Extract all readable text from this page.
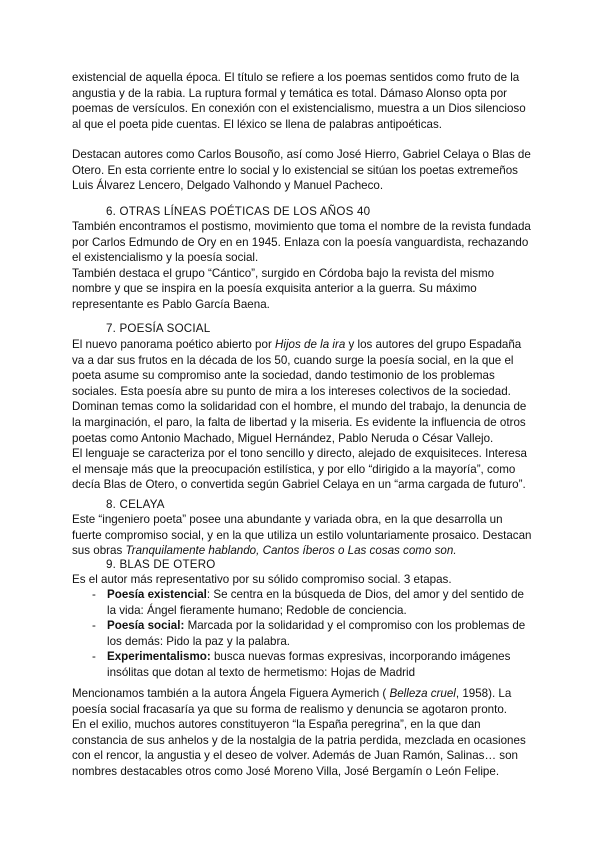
existencial de aquella época. El título se refiere a los poemas sentidos como fruto de la angustia y de la rabia. La ruptura formal y temática es total. Dámaso Alonso opta por poemas de versículos. En conexión con el existencialismo, muestra a un Dios silencioso al que el poeta pide cuentas. El léxico se llena de palabras antipoéticas.

Destacan autores como Carlos Bousoño, así como José Hierro, Gabriel Celaya o Blas de Otero. En esta corriente entre lo social y lo existencial se sitúan los poetas extremeños Luis Álvarez Lencero, Delgado Valhondo y Manuel Pacheco.

6. OTRAS LÍNEAS POÉTICAS DE LOS AÑOS 40

También encontramos el postismo, movimiento que toma el nombre de la revista fundada por Carlos Edmundo de Ory en en 1945. Enlaza con la poesía vanguardista, rechazando el existencialismo y la poesía social.

También destaca el grupo “Cántico”, surgido en Córdoba bajo la revista del mismo nombre y que se inspira en la poesía exquisita anterior a la guerra. Su máximo representante es Pablo García Baena.

7. POESÍA SOCIAL

El nuevo panorama poético abierto por Hijos de la ira y los autores del grupo Espadaña va a dar sus frutos en la década de los 50, cuando surge la poesía social, en la que el poeta asume su compromiso ante la sociedad, dando testimonio de los problemas sociales. Esta poesía abre su punto de mira a los intereses colectivos de la sociedad. Dominan temas como la solidaridad con el hombre, el mundo del trabajo, la denuncia de la marginación, el paro, la falta de libertad y la miseria. Es evidente la influencia de otros poetas como Antonio Machado, Miguel Hernández, Pablo Neruda o César Vallejo.

El lenguaje se caracteriza por el tono sencillo y directo, alejado de exquisiteces. Interesa el mensaje más que la preocupación estilística, y por ello “dirigido a la mayoría”, como decía Blas de Otero, o convertida según Gabriel Celaya en un “arma cargada de futuro”.

8. CELAYA

Este “ingeniero poeta” posee una abundante y variada obra, en la que desarrolla un fuerte compromiso social, y en la que utiliza un estilo voluntariamente prosaico. Destacan sus obras Tranquilamente hablando, Cantos íberos o Las cosas como son.

9. BLAS DE OTERO

Es el autor más representativo por su sólido compromiso social. 3 etapas.

- Poesía existencial: Se centra en la búsqueda de Dios, del amor y del sentido de la vida: Ángel fieramente humano; Redoble de conciencia.
- Poesía social: Marcada por la solidaridad y el compromiso con los problemas de los demás: Pido la paz y la palabra.
- Experimentalismo: busca nuevas formas expresivas, incorporando imágenes insólitas que dotan al texto de hermetismo: Hojas de Madrid

Mencionamos también a la autora Ángela Figuera Aymerich ( Belleza cruel, 1958). La poesía social fracasaría ya que su forma de realismo y denuncia se agotaron pronto.

En el exilio, muchos autores constituyeron “la España peregrina”, en la que dan constancia de sus anhelos y de la nostalgia de la patria perdida, mezclada en ocasiones con el rencor, la angustia y el deseo de volver. Además de Juan Ramón, Salinas… son nombres destacables otros como José Moreno Villa, José Bergamín o León Felipe.
